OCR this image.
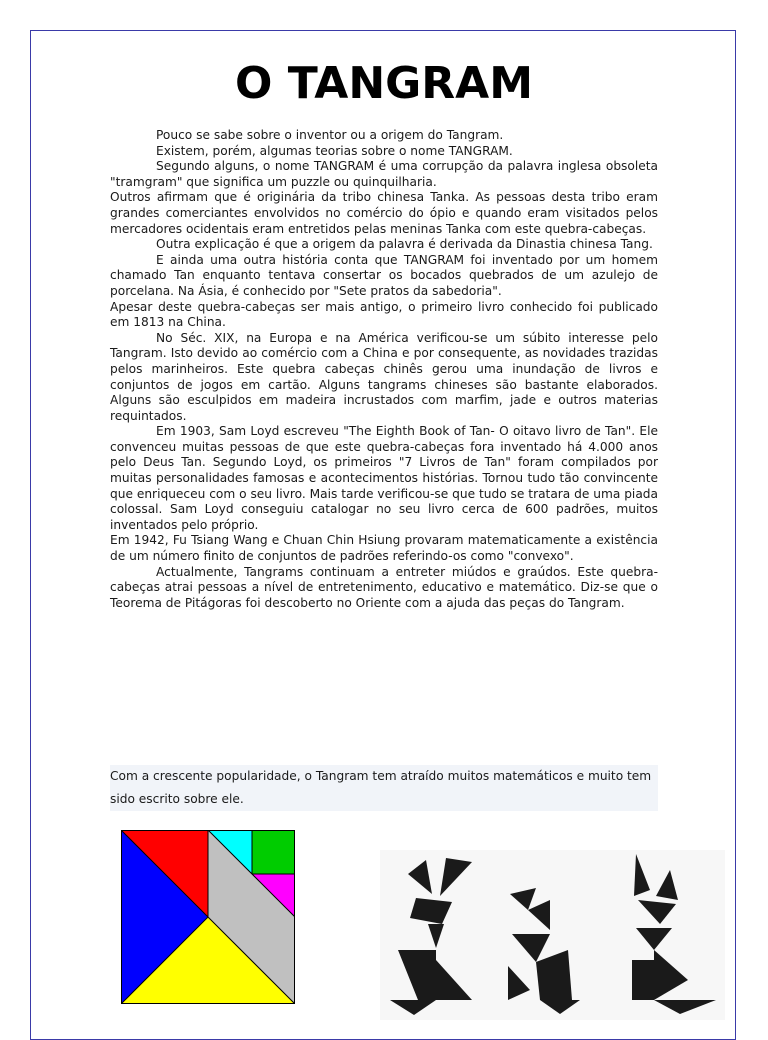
O TANGRAM

Pouco se sabe sobre o inventor ou a origem do Tangram.

Existem, porém, algumas teorias sobre o nome TANGRAM.

Segundo alguns, o nome TANGRAM é uma corrupção da palavra inglesa obsoleta "tramgram" que significa um puzzle ou quinquilharia.

Outros afirmam que é originária da tribo chinesa Tanka. As pessoas desta tribo eram grandes comerciantes envolvidos no comércio do ópio e quando eram visitados pelos mercadores ocidentais eram entretidos pelas meninas Tanka com este quebra-cabeças.

Outra explicação é que a origem da palavra é derivada da Dinastia chinesa Tang.

E ainda uma outra história conta que TANGRAM foi inventado por um homem chamado Tan enquanto tentava consertar os bocados quebrados de um azulejo de porcelana. Na Ásia, é conhecido por "Sete pratos da sabedoria".

Apesar deste quebra-cabeças ser mais antigo, o primeiro livro conhecido foi publicado em 1813 na China.

No Séc. XIX, na Europa e na América verificou-se um súbito interesse pelo Tangram. Isto devido ao comércio com a China e por consequente, as novidades trazidas pelos marinheiros. Este quebra cabeças chinês gerou uma inundação de livros e conjuntos de jogos em cartão. Alguns tangrams chineses são bastante elaborados. Alguns são esculpidos em madeira incrustados com marfim, jade e outros materias requintados.

Em 1903, Sam Loyd escreveu "The Eighth Book of Tan- O oitavo livro de Tan". Ele convenceu muitas pessoas de que este quebra-cabeças fora inventado há 4.000 anos pelo Deus Tan. Segundo Loyd, os primeiros "7 Livros de Tan" foram compilados por muitas personalidades famosas e acontecimentos histórias. Tornou tudo tão convincente que enriqueceu com o seu livro. Mais tarde verificou-se que tudo se tratara de uma piada colossal. Sam Loyd conseguiu catalogar no seu livro cerca de 600 padrões, muitos inventados pelo próprio.

Em 1942, Fu Tsiang Wang e Chuan Chin Hsiung provaram matematicamente a existência de um número finito de conjuntos de padrões referindo-os como "convexo".

Actualmente, Tangrams continuam a entreter miúdos e graúdos. Este quebra-cabeças atrai pessoas a nível de entretenimento, educativo e matemático. Diz-se que o Teorema de Pitágoras foi descoberto no Oriente com a ajuda das peças do Tangram.

Com a crescente popularidade, o Tangram tem atraído muitos matemáticos e muito tem sido escrito sobre ele.
